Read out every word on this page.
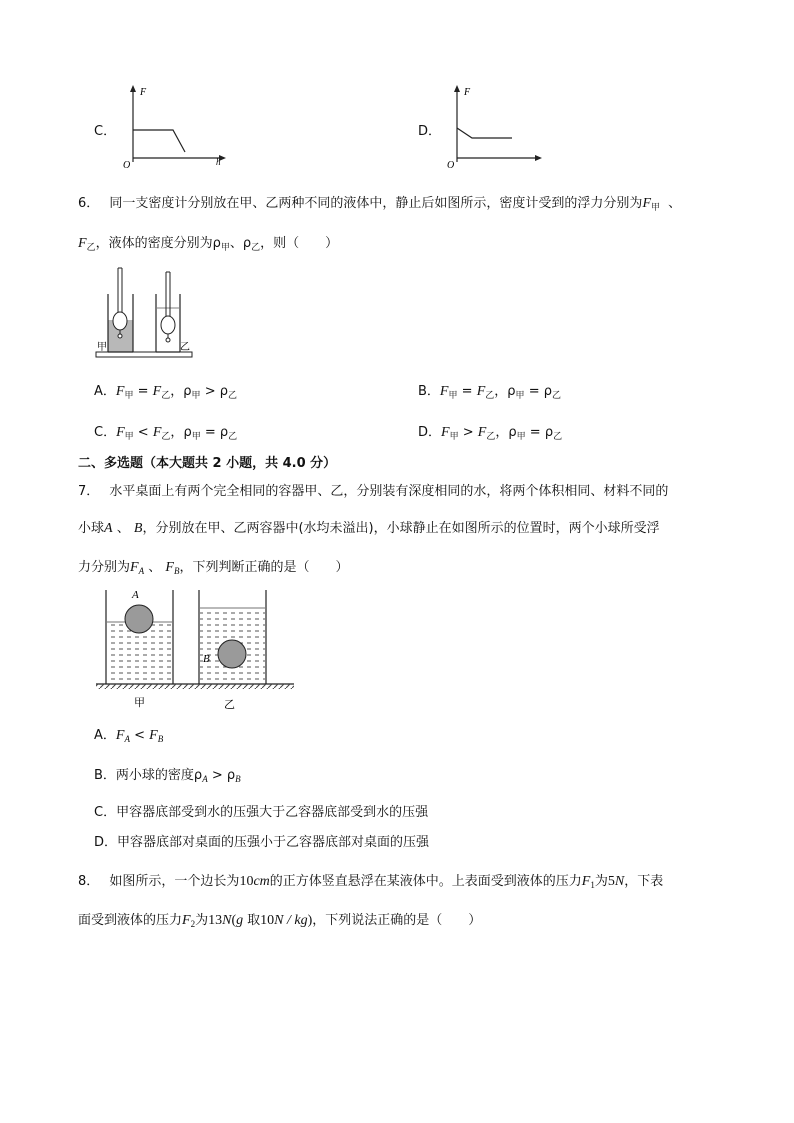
C．
F
h
O
D．
F
O
6． 同一支密度计分别放在甲、乙两种不同的液体中，静止后如图所示，密度计受到的浮力分别为$F_甲$ 、
$F_乙$，液体的密度分别为$\rho_甲$、$\rho_乙$，则（　　）
甲	乙
A．$F_甲 = F_乙$，$\rho_甲 > \rho_乙$	B．$F_甲 = F_乙$，$\rho_甲 = \rho_乙$
C．$F_甲 < F_乙$，$\rho_甲 = \rho_乙$	D．$F_甲 > F_乙$，$\rho_甲 = \rho_乙$
二、多选题（本大题共 2 小题，共 4.0 分）
7． 水平桌面上有两个完全相同的容器甲、乙，分别装有深度相同的水，将两个体积相同、材料不同的
小球A 、 B，分别放在甲、乙两容器中(水均未溢出)，小球静止在如图所示的位置时，两个小球所受浮
力分别为$F_A$ 、 $F_B$，下列判断正确的是（　　）
A
B
甲	乙
A．$F_A < F_B$
B．两小球的密度$\rho_A > \rho_B$
C．甲容器底部受到水的压强大于乙容器底部受到水的压强
D．甲容器底部对桌面的压强小于乙容器底部对桌面的压强
8． 如图所示，一个边长为10cm的正方体竖直悬浮在某液体中。上表面受到液体的压力$F_1$为5N，下表
面受到液体的压力$F_2$为13N(g 取10N / kg)，下列说法正确的是（　　）
